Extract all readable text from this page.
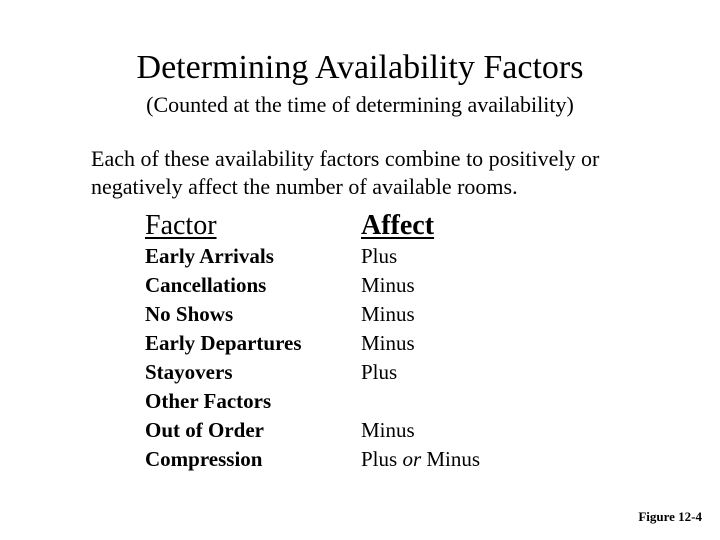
Determining Availability Factors
(Counted at the time of determining availability)
Each of these availability factors combine to positively or
negatively affect the number of available rooms.
Factor	Affect
Early Arrivals	Plus
Cancellations	Minus
No Shows	Minus
Early Departures	Minus
Stayovers	Plus
Other Factors
Out of Order	Minus
Compression	Plus or Minus
Figure 12-4
